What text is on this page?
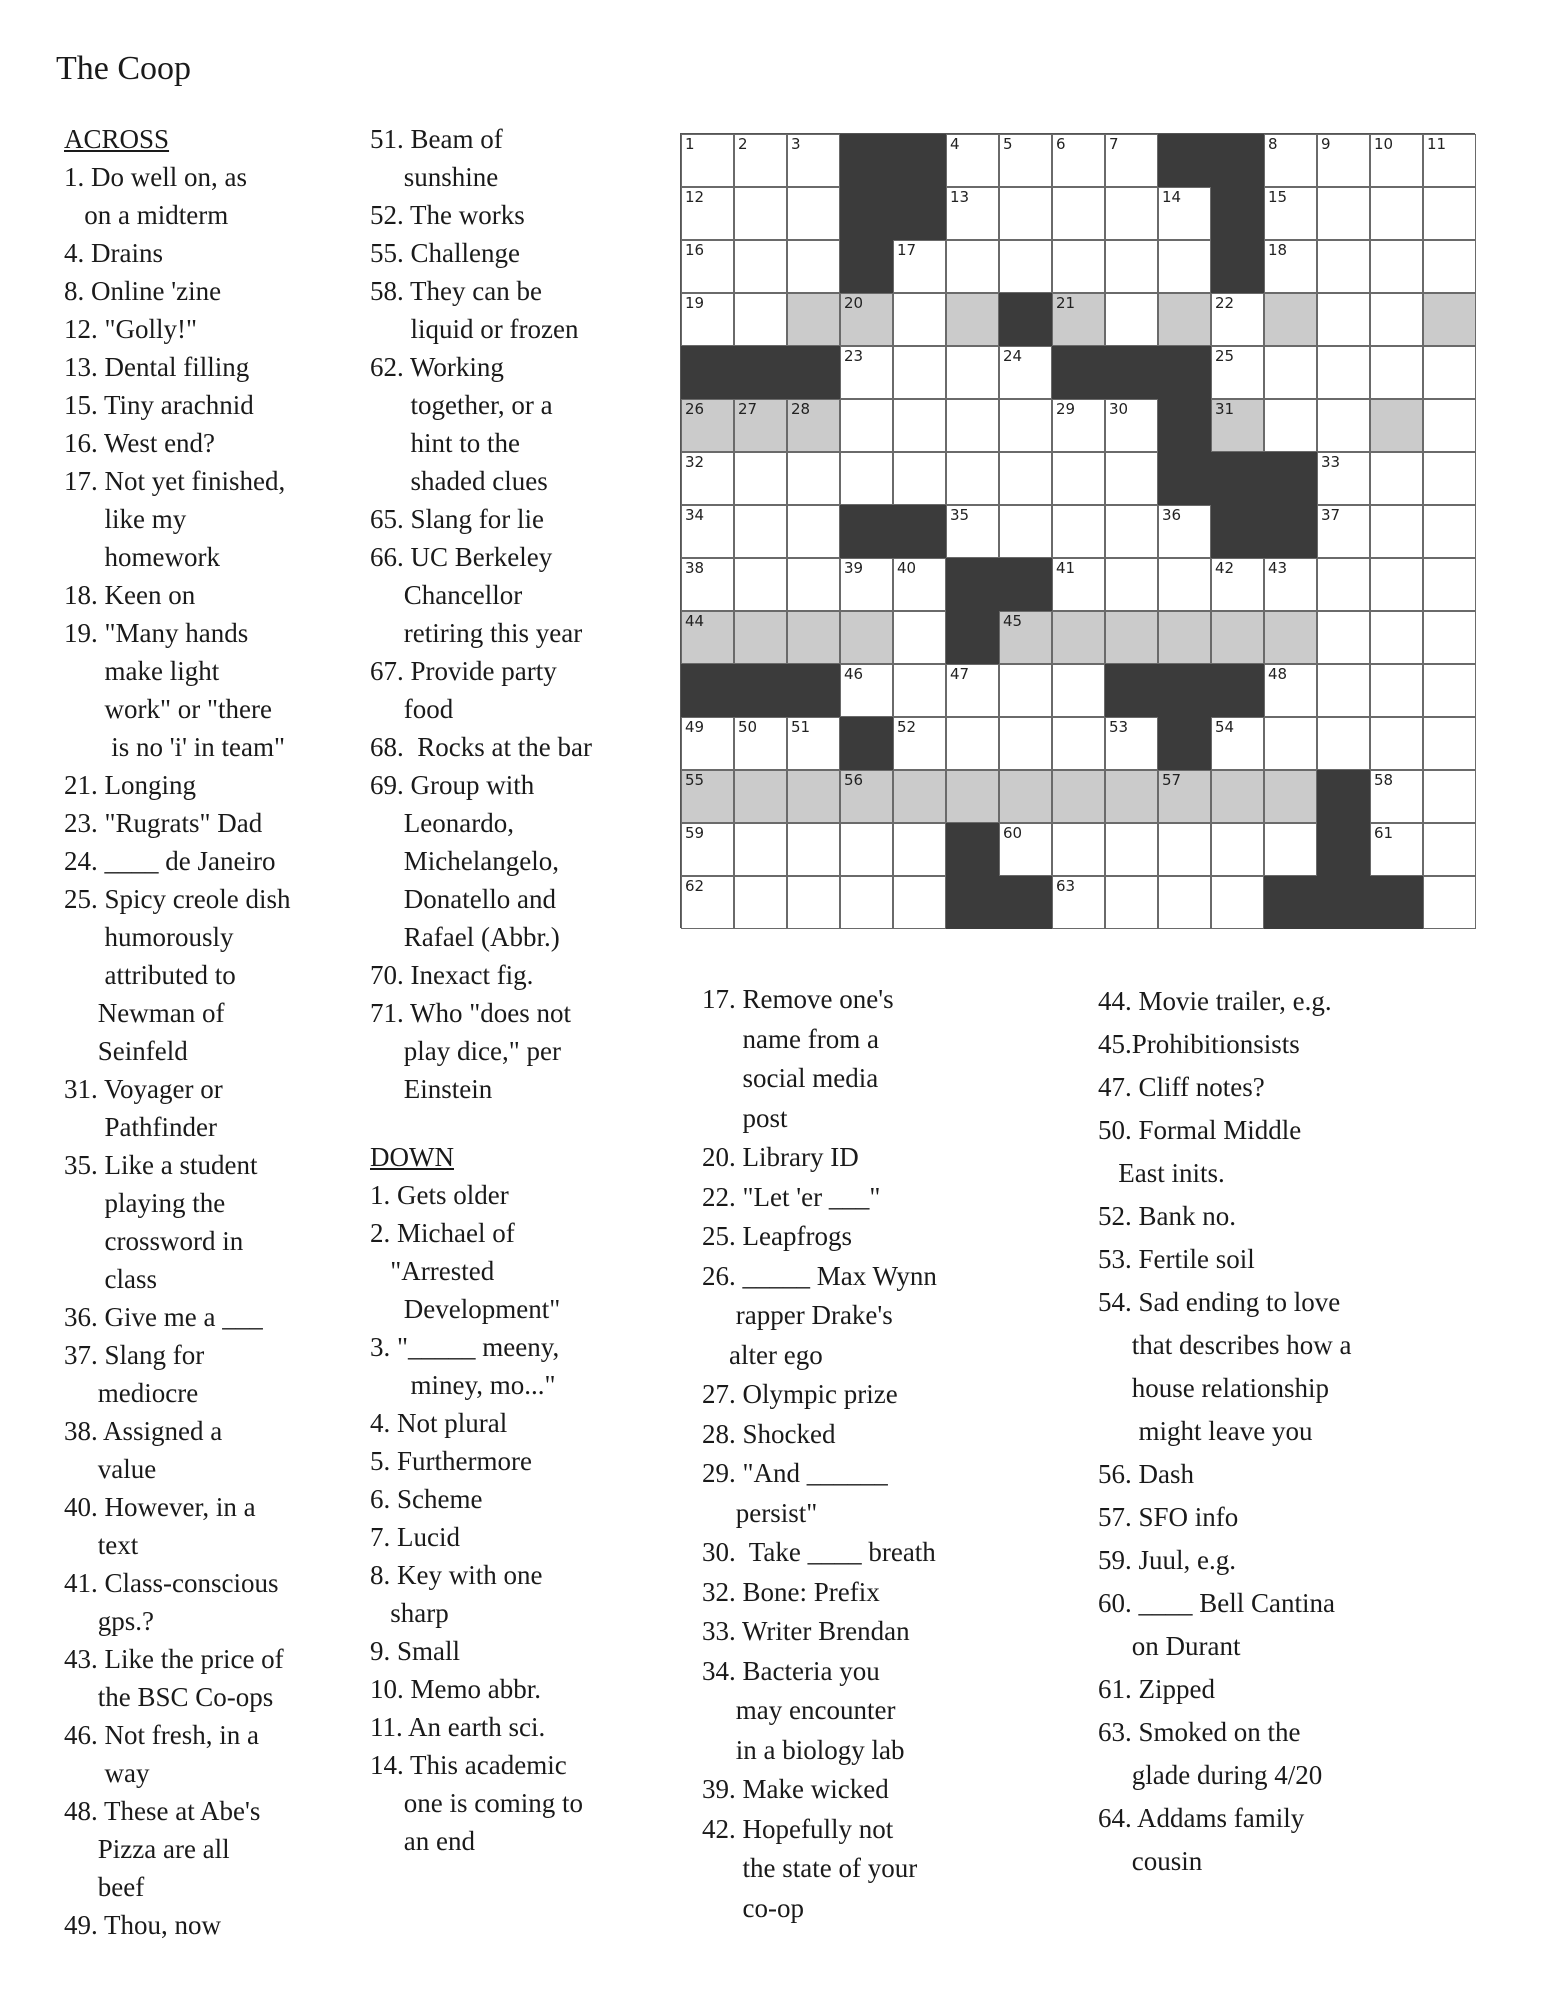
The Coop
ACROSS
1. Do well on, as
on a midterm
4. Drains
8. Online 'zine
12. "Golly!"
13. Dental filling
15. Tiny arachnid
16. West end?
17. Not yet finished,
like my
homework
18. Keen on
19. "Many hands
make light
work" or "there
is no 'i' in team"
21. Longing
23. "Rugrats" Dad
24. ____ de Janeiro
25. Spicy creole dish
humorously
attributed to
Newman of
Seinfeld
31. Voyager or
Pathfinder
35. Like a student
playing the
crossword in
class
36. Give me a ___
37. Slang for
mediocre
38. Assigned a
value
40. However, in a
text
41. Class-conscious
gps.?
43. Like the price of
the BSC Co-ops
46. Not fresh, in a
way
48. These at Abe's
Pizza are all
beef
49. Thou, now
51. Beam of
sunshine
52. The works
55. Challenge
58. They can be
liquid or frozen
62. Working
together, or a
hint to the
shaded clues
65. Slang for lie
66. UC Berkeley
Chancellor
retiring this year
67. Provide party
food
68.  Rocks at the bar
69. Group with
Leonardo,
Michelangelo,
Donatello and
Rafael (Abbr.)
70. Inexact fig.
71. Who "does not
play dice," per
Einstein
DOWN
1. Gets older
2. Michael of
"Arrested
Development"
3. "_____ meeny,
miney, mo..."
4. Not plural
5. Furthermore
6. Scheme
7. Lucid
8. Key with one
sharp
9. Small
10. Memo abbr.
11. An earth sci.
14. This academic
one is coming to
an end
17. Remove one's
name from a
social media
post
20. Library ID
22. "Let 'er ___"
25. Leapfrogs
26. _____ Max Wynn
rapper Drake's
alter ego
27. Olympic prize
28. Shocked
29. "And ______
persist"
30.  Take ____ breath
32. Bone: Prefix
33. Writer Brendan
34. Bacteria you
may encounter
in a biology lab
39. Make wicked
42. Hopefully not
the state of your
co-op
44. Movie trailer, e.g.
45.Prohibitionsists
47. Cliff notes?
50. Formal Middle
East inits.
52. Bank no.
53. Fertile soil
54. Sad ending to love
that describes how a
house relationship
might leave you
56. Dash
57. SFO info
59. Juul, e.g.
60. ____ Bell Cantina
on Durant
61. Zipped
63. Smoked on the
glade during 4/20
64. Addams family
cousin
1	2	3	4	5	6	7	8	9	10 11
12	13	14	15
16	17	18
19	20	21	22
23	24	25
26 27 28	29 30	31
32	33
34	35	36	37
38	39 40	41	42 43
44	45
46	47	48
49 50 51	52	53	54
55	56	57	58
59	60	61
62	63
